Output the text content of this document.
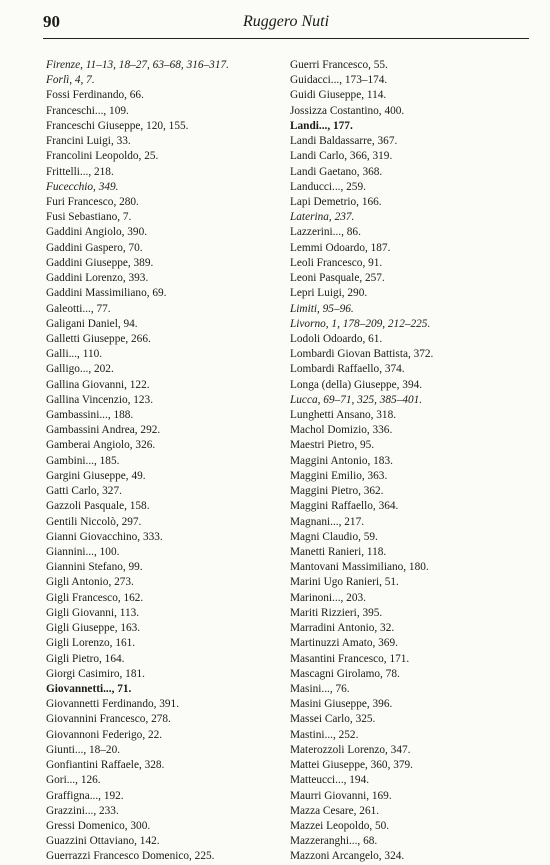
90	Ruggero Nuti
Firenze, 11–13, 18–27, 63–68, 316–317.
Forlì, 4, 7.
Fossi Ferdinando, 66.
Franceschi..., 109.
Franceschi Giuseppe, 120, 155.
Francini Luigi, 33.
Francolini Leopoldo, 25.
Frittelli..., 218.
Fucecchio, 349.
Furi Francesco, 280.
Fusi Sebastiano, 7.
Gaddini Angiolo, 390.
Gaddini Gaspero, 70.
Gaddini Giuseppe, 389.
Gaddini Lorenzo, 393.
Gaddini Massimiliano, 69.
Galeotti..., 77.
Galigani Daniel, 94.
Galletti Giuseppe, 266.
Galli..., 110.
Galligo..., 202.
Gallina Giovanni, 122.
Gallina Vincenzio, 123.
Gambassini..., 188.
Gambassini Andrea, 292.
Gamberai Angiolo, 326.
Gambini..., 185.
Gargini Giuseppe, 49.
Gatti Carlo, 327.
Gazzoli Pasquale, 158.
Gentili Niccolò, 297.
Gianni Giovacchino, 333.
Giannini..., 100.
Giannini Stefano, 99.
Gigli Antonio, 273.
Gigli Francesco, 162.
Gigli Giovanni, 113.
Gigli Giuseppe, 163.
Gigli Lorenzo, 161.
Gigli Pietro, 164.
Giorgi Casimiro, 181.
Giovannetti..., 71.
Giovannetti Ferdinando, 391.
Giovannini Francesco, 278.
Giovannoni Federigo, 22.
Giunti..., 18–20.
Gonfiantini Raffaele, 328.
Gori..., 126.
Graffigna..., 192.
Grazzini..., 233.
Gressi Domenico, 300.
Guazzini Ottaviano, 142.
Guerrazzi Francesco Domenico, 225.
Guerri Francesco, 55.
Guidacci..., 173–174.
Guidi Giuseppe, 114.
Jossizza Costantino, 400.
Landi..., 177.
Landi Baldassarre, 367.
Landi Carlo, 366, 319.
Landi Gaetano, 368.
Landucci..., 259.
Lapi Demetrio, 166.
Laterina, 237.
Lazzerini..., 86.
Lemmi Odoardo, 187.
Leoli Francesco, 91.
Leoni Pasquale, 257.
Lepri Luigi, 290.
Limiti, 95–96.
Livorno, 1, 178–209, 212–225.
Lodoli Odoardo, 61.
Lombardi Giovan Battista, 372.
Lombardi Raffaello, 374.
Longa (della) Giuseppe, 394.
Lucca, 69–71, 325, 385–401.
Lunghetti Ansano, 318.
Machol Domizio, 336.
Maestri Pietro, 95.
Maggini Antonio, 183.
Maggini Emilio, 363.
Maggini Pietro, 362.
Maggini Raffaello, 364.
Magnani..., 217.
Magni Claudio, 59.
Manetti Ranieri, 118.
Mantovani Massimiliano, 180.
Marini Ugo Ranieri, 51.
Marinoni..., 203.
Mariti Rizzieri, 395.
Marradini Antonio, 32.
Martinuzzi Amato, 369.
Masantini Francesco, 171.
Mascagni Girolamo, 78.
Masini..., 76.
Masini Giuseppe, 396.
Massei Carlo, 325.
Mastini..., 252.
Materozzoli Lorenzo, 347.
Mattei Giuseppe, 360, 379.
Matteucci..., 194.
Maurri Giovanni, 169.
Mazza Cesare, 261.
Mazzei Leopoldo, 50.
Mazzeranghi..., 68.
Mazzoni Arcangelo, 324.
